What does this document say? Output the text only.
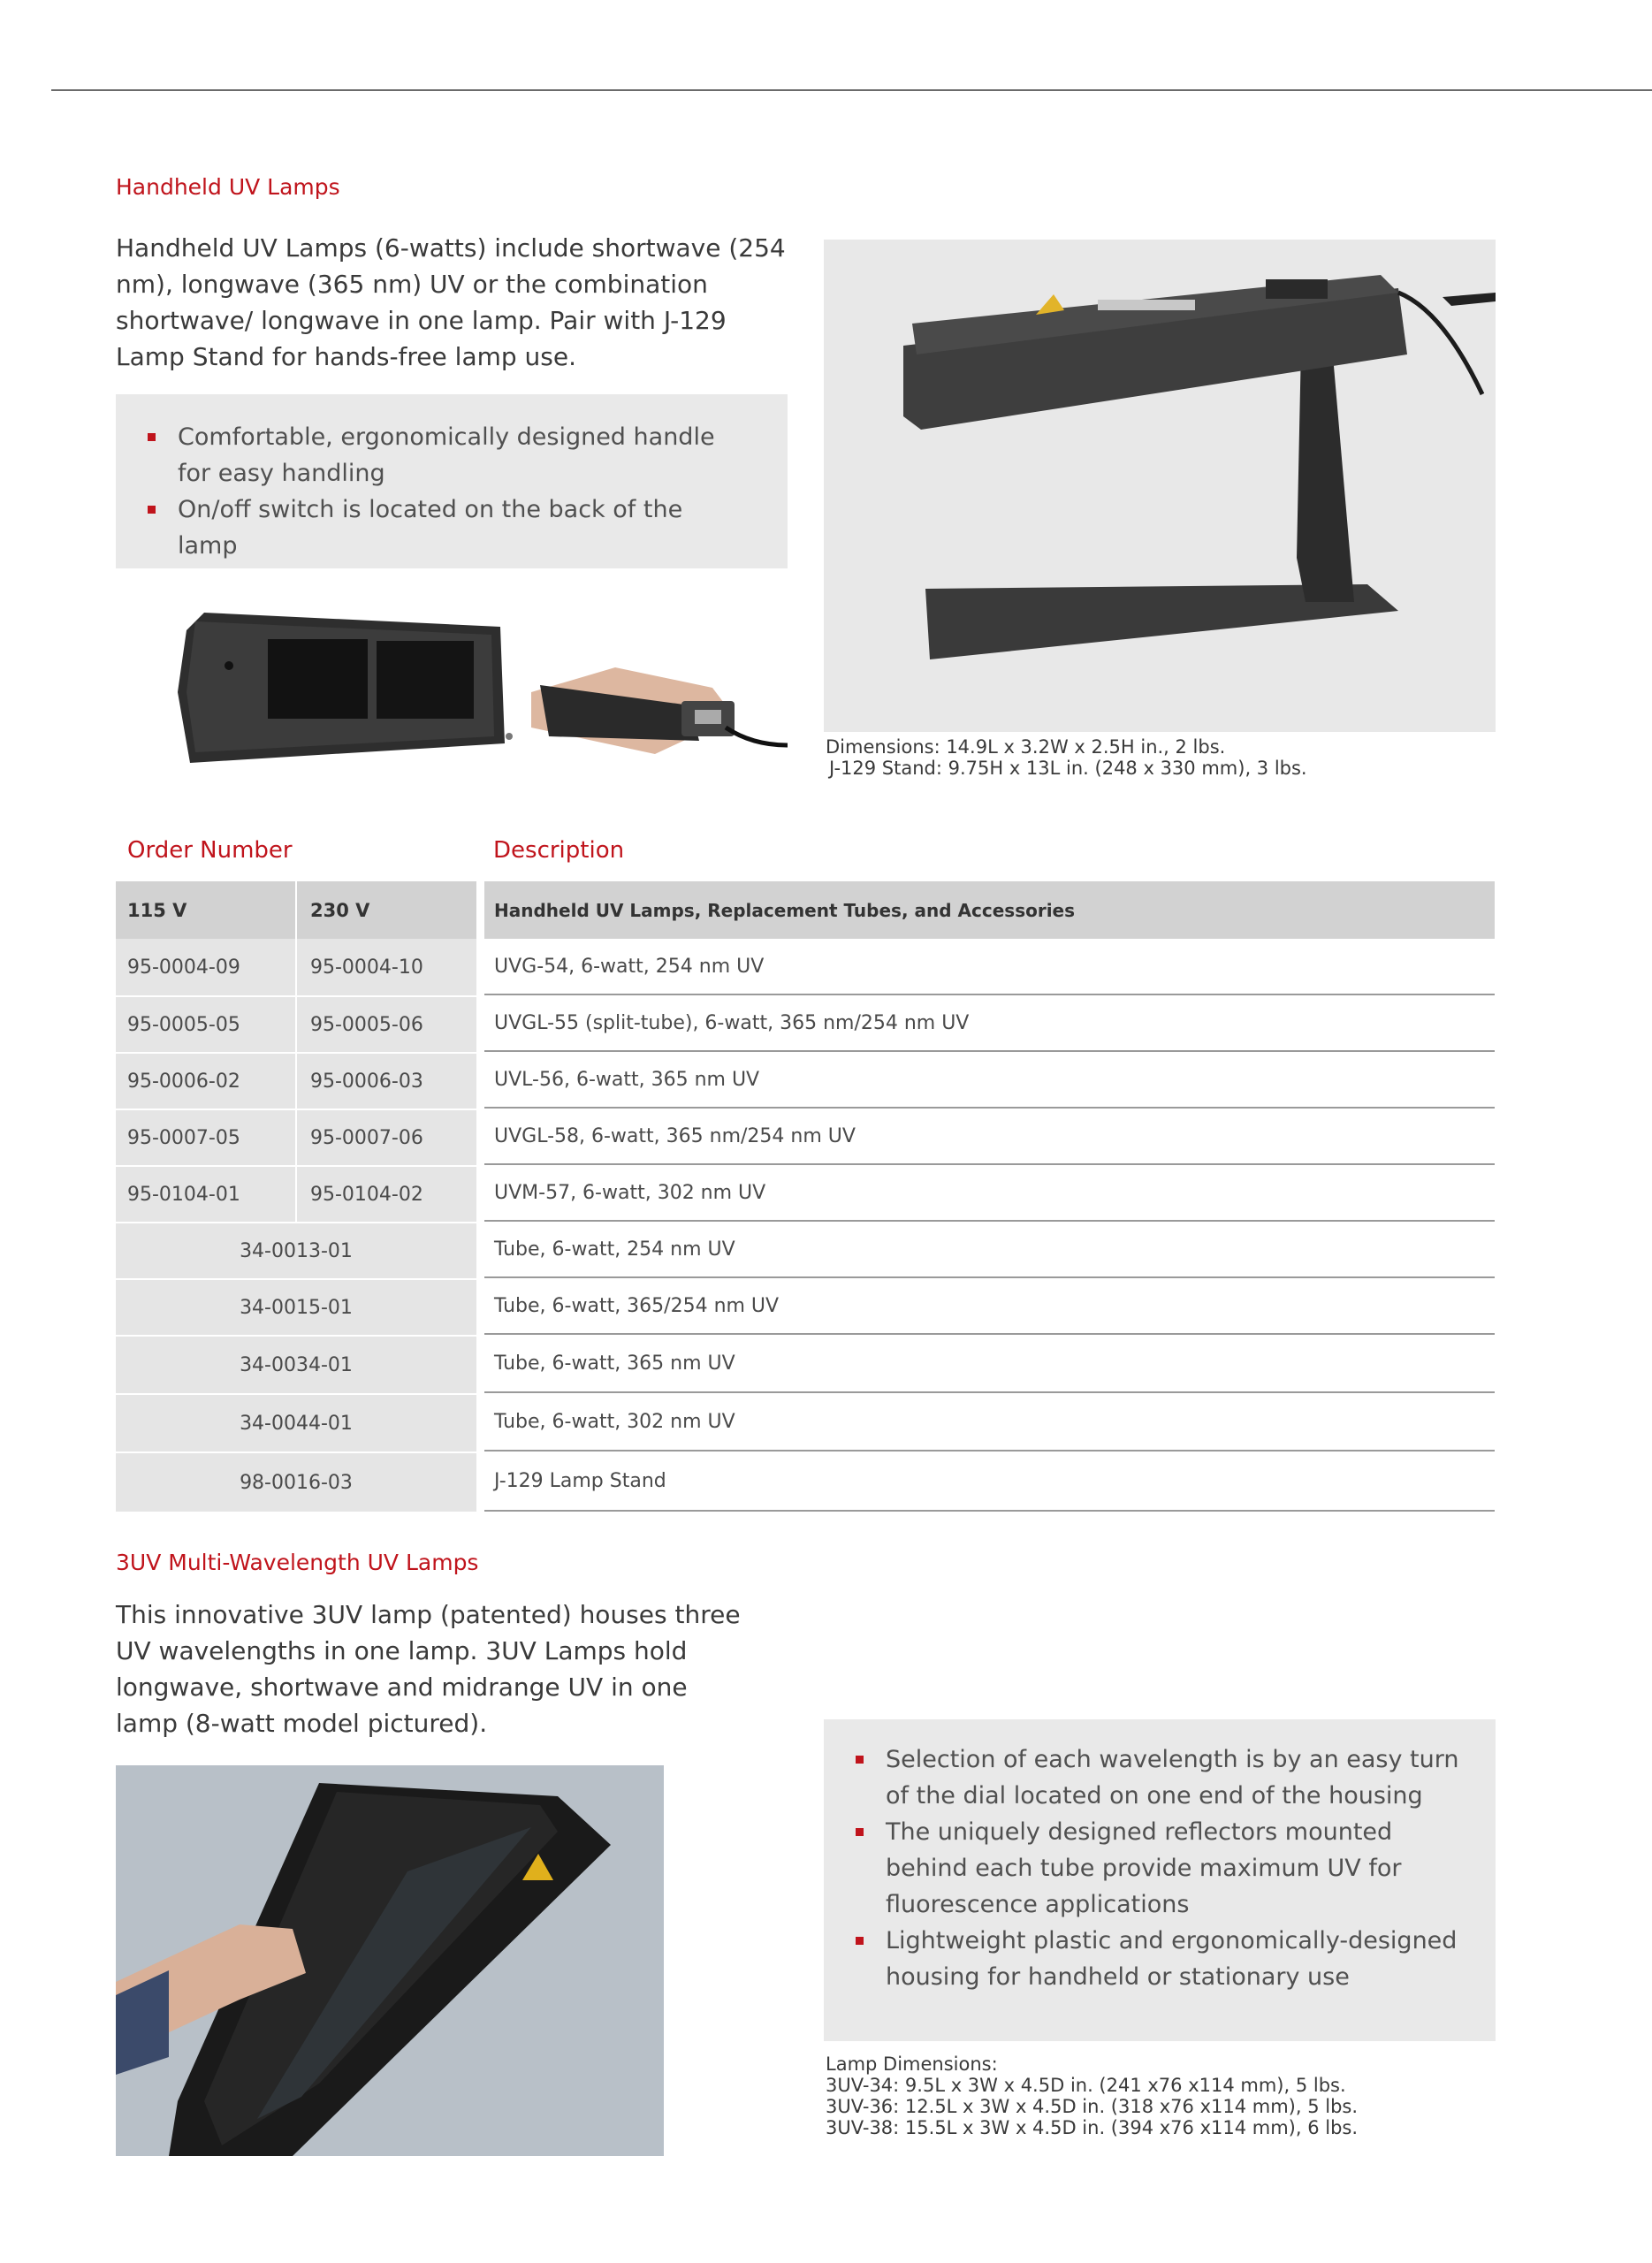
Handheld UV Lamps
Handheld UV Lamps (6-watts) include shortwave (254 nm), longwave (365 nm) UV or the combination shortwave/ longwave in one lamp. Pair with J-129 Lamp Stand for hands-free lamp use.
Comfortable, ergonomically designed handle for easy handling
On/off switch is located on the back of the lamp
Dimensions: 14.9L x 3.2W x 2.5H in., 2 lbs.
J-129 Stand: 9.75H x 13L in. (248 x 330 mm), 3 lbs.
Order Number	Description
115 V	230 V	Handheld UV Lamps, Replacement Tubes, and Accessories
95-0004-09	95-0004-10	UVG-54, 6-watt, 254 nm UV
95-0005-05	95-0005-06	UVGL-55 (split-tube), 6-watt, 365 nm/254 nm UV
95-0006-02	95-0006-03	UVL-56, 6-watt, 365 nm UV
95-0007-05	95-0007-06	UVGL-58, 6-watt, 365 nm/254 nm UV
95-0104-01	95-0104-02	UVM-57, 6-watt, 302 nm UV
34-0013-01	Tube, 6-watt, 254 nm UV
34-0015-01	Tube, 6-watt, 365/254 nm UV
34-0034-01	Tube, 6-watt, 365 nm UV
34-0044-01	Tube, 6-watt, 302 nm UV
98-0016-03	J-129 Lamp Stand
3UV Multi-Wavelength UV Lamps
This innovative 3UV lamp (patented) houses three UV wavelengths in one lamp. 3UV Lamps hold longwave, shortwave and midrange UV in one lamp (8-watt model pictured).
Selection of each wavelength is by an easy turn of the dial located on one end of the housing
The uniquely designed reflectors mounted behind each tube provide maximum UV for fluorescence applications
Lightweight plastic and ergonomically-designed housing for handheld or stationary use
Lamp Dimensions:
3UV-34: 9.5L x 3W x 4.5D in. (241 x76 x114 mm), 5 lbs.
3UV-36: 12.5L x 3W x 4.5D in. (318 x76 x114 mm), 5 lbs.
3UV-38: 15.5L x 3W x 4.5D in. (394 x76 x114 mm), 6 lbs.
